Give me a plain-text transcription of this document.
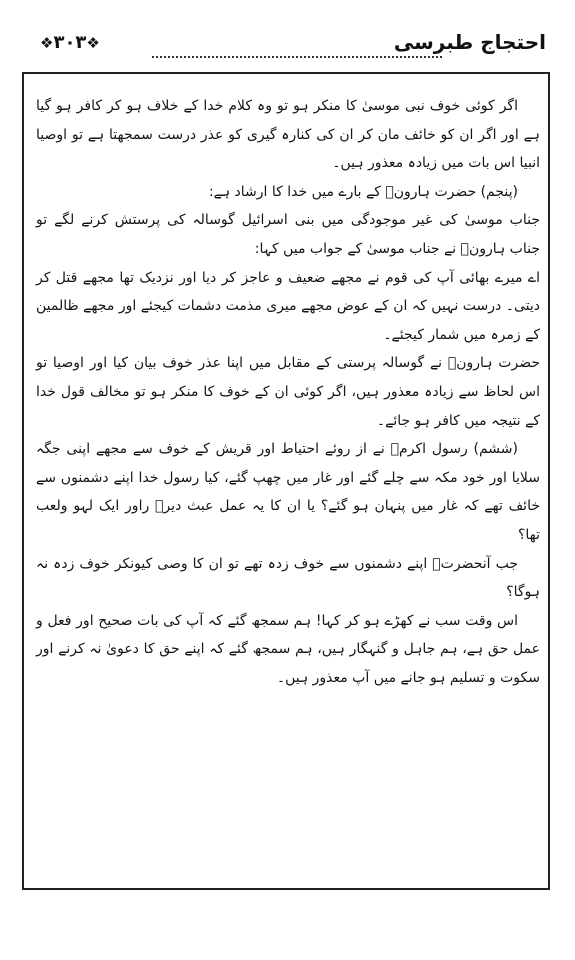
احتجاج طبرسی
❖۳۰۳❖

اگر کوئی خوف نبی موسیٰ کا منکر ہو تو وہ کلام خدا کے خلاف ہو کر کافر ہو گیا ہے اور اگر ان کو خائف مان کر ان کی کنارہ گیری کو عذر درست سمجھتا ہے تو اوصیا انبیا اس بات میں زیادہ معذور ہیں۔

(پنجم) حضرت ہارونؑ کے بارے میں خدا کا ارشاد ہے:

جناب موسیٰ کی غیر موجودگی میں بنی اسرائیل گوسالہ کی پرستش کرنے لگے تو جناب ہارونؑ نے جناب موسیٰ کے جواب میں کہا:

اے میرے بھائی آپ کی قوم نے مجھے ضعیف و عاجز کر دیا اور نزدیک تھا مجھے قتل کر دیتی۔ درست نہیں کہ ان کے عوض مجھے میری مذمت دشمات کیجئے اور مجھے ظالمین کے زمرہ میں شمار کیجئے۔

حضرت ہارونؑ نے گوسالہ پرستی کے مقابل میں اپنا عذر خوف بیان کیا اور اوصیا تو اس لحاظ سے زیادہ معذور ہیں، اگر کوئی ان کے خوف کا منکر ہو تو مخالف قول خدا کے نتیجہ میں کافر ہو جائے۔

(ششم) رسول اکرمؐ نے از روئے احتیاط اور قریش کے خوف سے مجھے اپنی جگہ سلایا اور خود مکہ سے چلے گئے اور غار میں چھپ گئے، کیا رسول خدا اپنے دشمنوں سے خائف تھے کہ غار میں پنہان ہو گئے؟ یا ان کا یہ عمل عبث دیرؑ راور ایک لہو ولعب تھا؟

جب آنحضرتؐ اپنے دشمنوں سے خوف زدہ تھے تو ان کا وصی کیونکر خوف زدہ نہ ہوگا؟

اس وقت سب نے کھڑے ہو کر کہا! ہم سمجھ گئے کہ آپ کی بات صحیح اور فعل و عمل حق ہے، ہم جاہل و گنہگار ہیں، ہم سمجھ گئے کہ اپنے حق کا دعویٰ نہ کرنے اور سکوت و تسلیم ہو جانے میں آپ معذور ہیں۔
